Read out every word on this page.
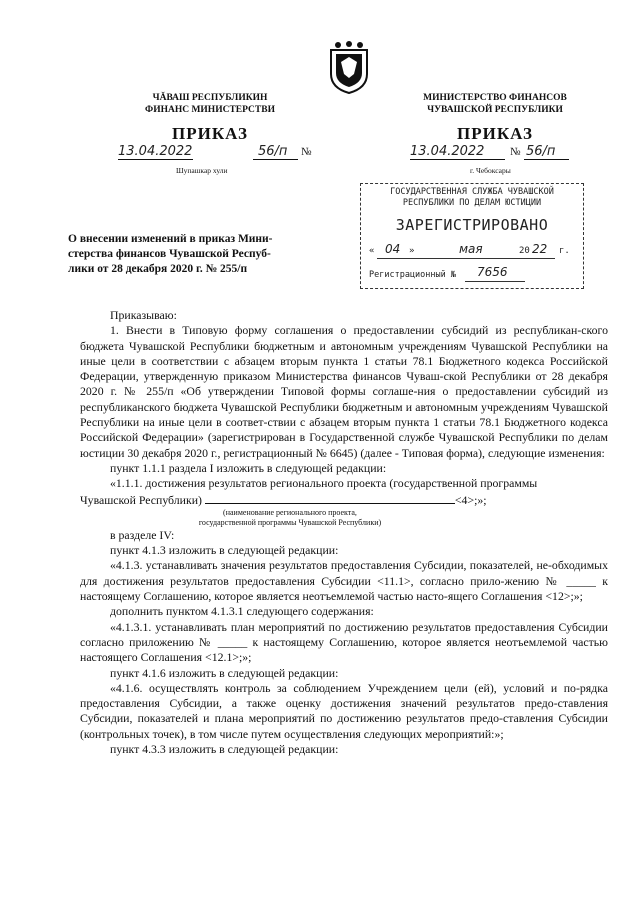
ЧĂВАШ РЕСПУБЛИКИН
ФИНАНС МИНИСТЕРСТВИ
ПРИКАЗ
13.04.2022	56/п №
Шупашкар хули
МИНИСТЕРСТВО ФИНАНСОВ
ЧУВАШСКОЙ РЕСПУБЛИКИ
ПРИКАЗ
13.04.2022 № 56/п
г. Чебоксары
ГОСУДАРСТВЕННАЯ СЛУЖБА ЧУВАШСКОЙ
РЕСПУБЛИКИ ПО ДЕЛАМ ЮСТИЦИИ
ЗАРЕГИСТРИРОВАНО
« 04 »	мая	20 22 г.
Регистрационный № 7656
О внесении изменений в приказ Мини-
стерства финансов Чувашской Респуб-
лики от 28 декабря 2020 г. № 255/п

Приказываю:

1. Внести в Типовую форму соглашения о предоставлении субсидий из республикан-ского бюджета Чувашской Республики бюджетным и автономным учреждениям Чувашской Республики на иные цели в соответствии с абзацем вторым пункта 1 статьи 78.1 Бюджетного кодекса Российской Федерации, утвержденную приказом Министерства финансов Чуваш-ской Республики от 28 декабря 2020 г. № 255/п «Об утверждении Типовой формы соглаше-ния о предоставлении субсидий из республиканского бюджета Чувашской Республики бюджетным и автономным учреждениям Чувашской Республики на иные цели в соответ-ствии с абзацем вторым пункта 1 статьи 78.1 Бюджетного кодекса Российской Федерации» (зарегистрирован в Государственной службе Чувашской Республики по делам юстиции 30 декабря 2020 г., регистрационный № 6645) (далее - Типовая форма), следующие изменения:

пункт 1.1.1 раздела I изложить в следующей редакции:

«1.1.1. достижения результатов регионального проекта (государственной программы
Чувашской Республики)	<4>;»;

(наименование регионального проекта,
государственной программы Чувашской Республики)

в разделе IV:

пункт 4.1.3 изложить в следующей редакции:

«4.1.3. устанавливать значения результатов предоставления Субсидии, показателей, не-обходимых для достижения результатов предоставления Субсидии <11.1>, согласно прило-жению № _____ к настоящему Соглашению, которое является неотъемлемой частью насто-ящего Соглашения <12>;»;

дополнить пунктом 4.1.3.1 следующего содержания:

«4.1.3.1. устанавливать план мероприятий по достижению результатов предоставления Субсидии согласно приложению № _____ к настоящему Соглашению, которое является неотъемлемой частью настоящего Соглашения <12.1>;»;

пункт 4.1.6 изложить в следующей редакции:

«4.1.6. осуществлять контроль за соблюдением Учреждением цели (ей), условий и по-рядка предоставления Субсидии, а также оценку достижения значений результатов предо-ставления Субсидии, показателей и плана мероприятий по достижению результатов предо-ставления Субсидии (контрольных точек), в том числе путем осуществления следующих мероприятий:»;

пункт 4.3.3 изложить в следующей редакции:
